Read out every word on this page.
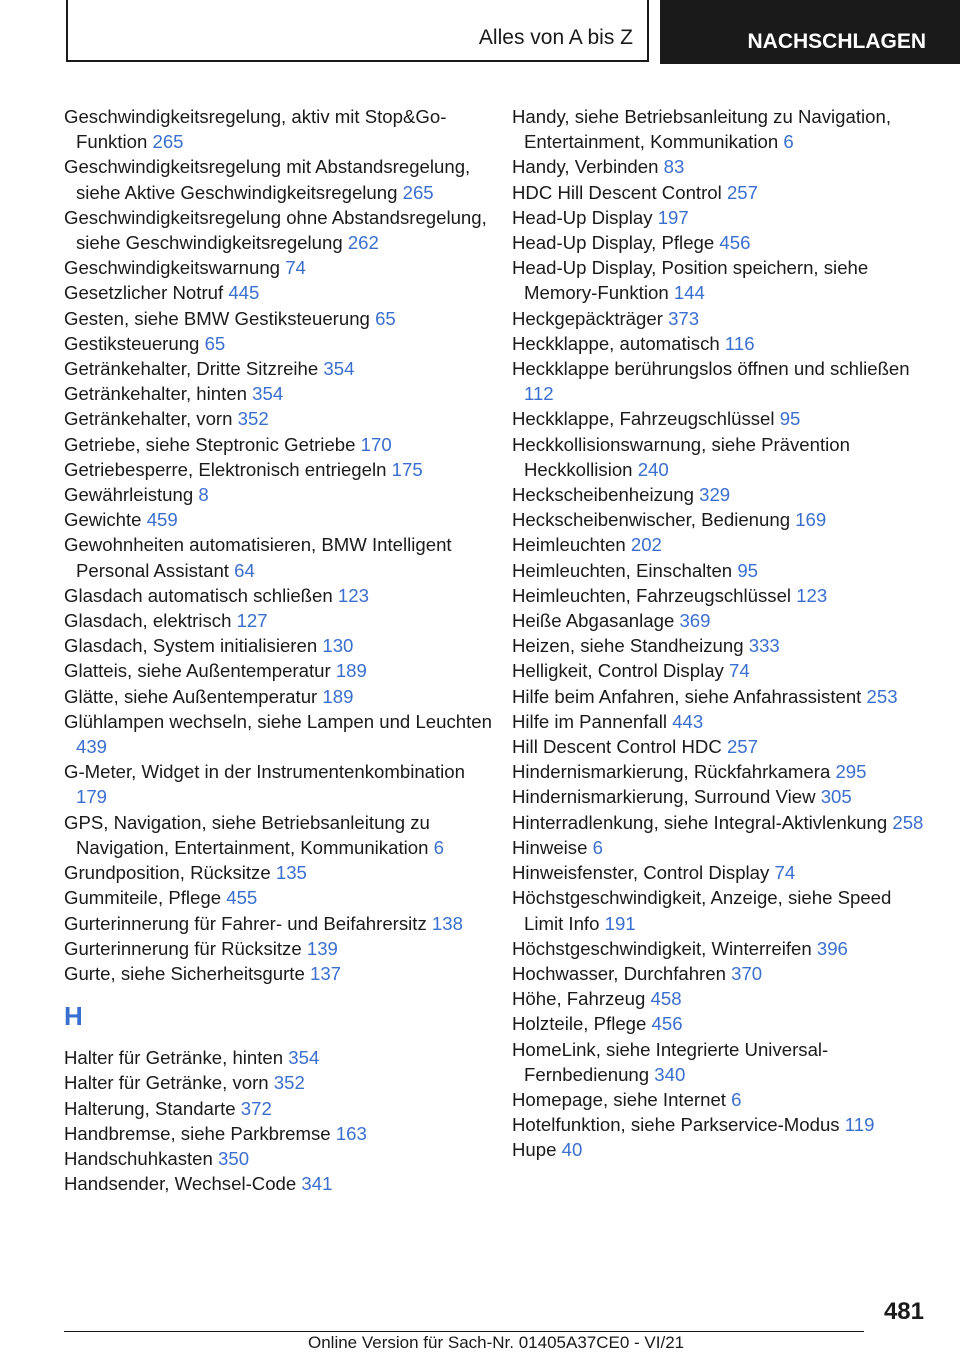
Alles von A bis Z	NACHSCHLAGEN
Geschwindigkeitsregelung, aktiv mit Stop&Go-Funktion 265
Geschwindigkeitsregelung mit Abstandsregelung, siehe Aktive Geschwindigkeitsregelung 265
Geschwindigkeitsregelung ohne Abstandsregelung, siehe Geschwindigkeitsregelung 262
Geschwindigkeitswarnung 74
Gesetzlicher Notruf 445
Gesten, siehe BMW Gestiksteuerung 65
Gestiksteuerung 65
Getränkehalter, Dritte Sitzreihe 354
Getränkehalter, hinten 354
Getränkehalter, vorn 352
Getriebe, siehe Steptronic Getriebe 170
Getriebesperre, Elektronisch entriegeln 175
Gewährleistung 8
Gewichte 459
Gewohnheiten automatisieren, BMW Intelligent Personal Assistant 64
Glasdach automatisch schließen 123
Glasdach, elektrisch 127
Glasdach, System initialisieren 130
Glatteis, siehe Außentemperatur 189
Glätte, siehe Außentemperatur 189
Glühlampen wechseln, siehe Lampen und Leuchten 439
G-Meter, Widget in der Instrumentenkombination 179
GPS, Navigation, siehe Betriebsanleitung zu Navigation, Entertainment, Kommunikation 6
Grundposition, Rücksitze 135
Gummiteile, Pflege 455
Gurterinnerung für Fahrer- und Beifahrersitz 138
Gurterinnerung für Rücksitze 139
Gurte, siehe Sicherheitsgurte 137
H
Halter für Getränke, hinten 354
Halter für Getränke, vorn 352
Halterung, Standarte 372
Handbremse, siehe Parkbremse 163
Handschuhkasten 350
Handsender, Wechsel-Code 341
Handy, siehe Betriebsanleitung zu Navigation, Entertainment, Kommunikation 6
Handy, Verbinden 83
HDC Hill Descent Control 257
Head-Up Display 197
Head-Up Display, Pflege 456
Head-Up Display, Position speichern, siehe Memory-Funktion 144
Heckgepäckträger 373
Heckklappe, automatisch 116
Heckklappe berührungslos öffnen und schließen 112
Heckklappe, Fahrzeugschlüssel 95
Heckkollisionswarnung, siehe Prävention Heckkollision 240
Heckscheibenheizung 329
Heckscheibenwischer, Bedienung 169
Heimleuchten 202
Heimleuchten, Einschalten 95
Heimleuchten, Fahrzeugschlüssel 123
Heiße Abgasanlage 369
Heizen, siehe Standheizung 333
Helligkeit, Control Display 74
Hilfe beim Anfahren, siehe Anfahrassistent 253
Hilfe im Pannenfall 443
Hill Descent Control HDC 257
Hindernismarkierung, Rückfahrkamera 295
Hindernismarkierung, Surround View 305
Hinterradlenkung, siehe Integral-Aktivlenkung 258
Hinweise 6
Hinweisfenster, Control Display 74
Höchstgeschwindigkeit, Anzeige, siehe Speed Limit Info 191
Höchstgeschwindigkeit, Winterreifen 396
Hochwasser, Durchfahren 370
Höhe, Fahrzeug 458
Holzteile, Pflege 456
HomeLink, siehe Integrierte Universal-Fernbedienung 340
Homepage, siehe Internet 6
Hotelfunktion, siehe Parkservice-Modus 119
Hupe 40
481
Online Version für Sach-Nr. 01405A37CE0 - VI/21
